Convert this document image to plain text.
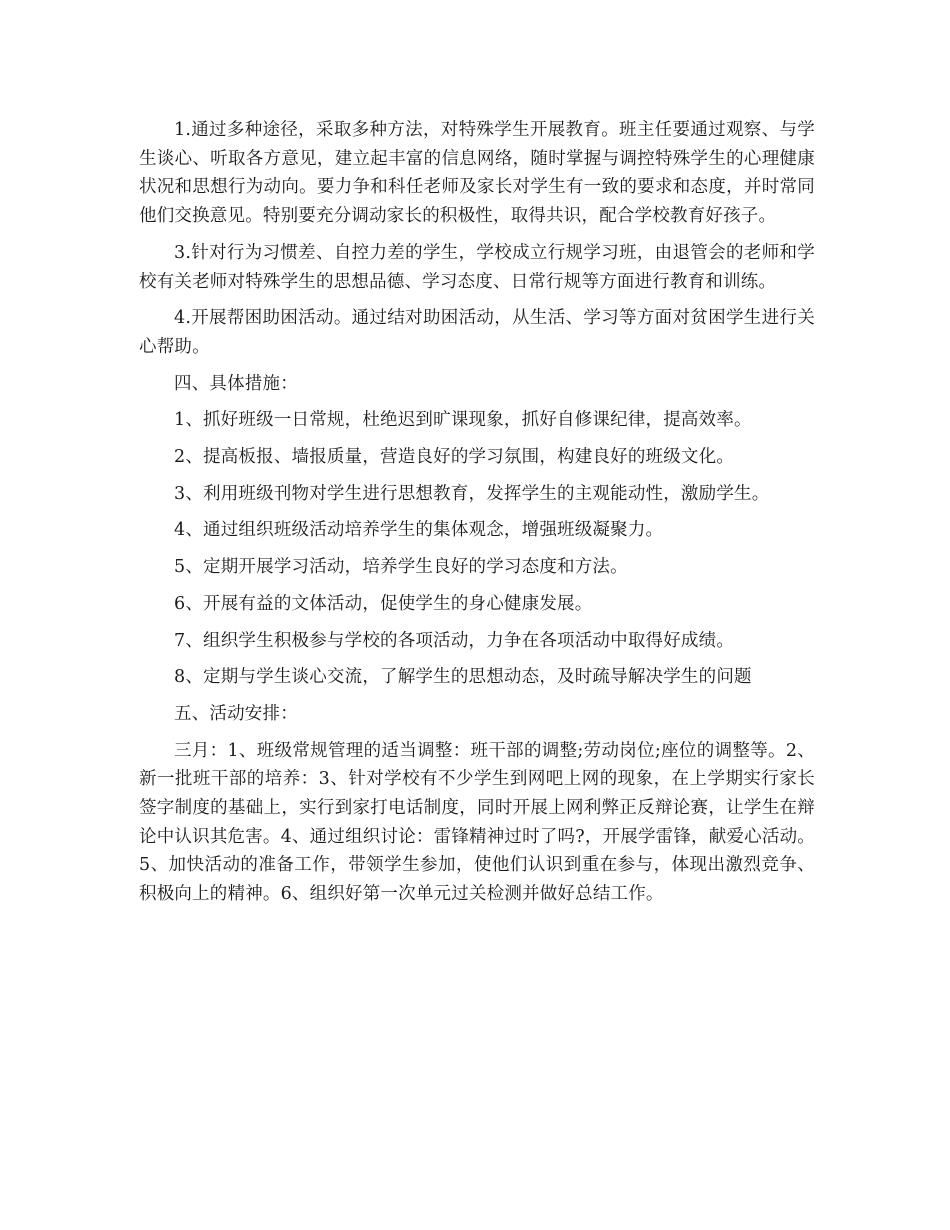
1.通过多种途径，采取多种方法，对特殊学生开展教育。班主任要通过观察、与学生谈心、听取各方意见，建立起丰富的信息网络，随时掌握与调控特殊学生的心理健康状况和思想行为动向。要力争和科任老师及家长对学生有一致的要求和态度，并时常同他们交换意见。特别要充分调动家长的积极性，取得共识，配合学校教育好孩子。

3.针对行为习惯差、自控力差的学生，学校成立行规学习班，由退管会的老师和学校有关老师对特殊学生的思想品德、学习态度、日常行规等方面进行教育和训练。

4.开展帮困助困活动。通过结对助困活动，从生活、学习等方面对贫困学生进行关心帮助。

四、具体措施：

1、抓好班级一日常规，杜绝迟到旷课现象，抓好自修课纪律，提高效率。

2、提高板报、墙报质量，营造良好的学习氛围，构建良好的班级文化。

3、利用班级刊物对学生进行思想教育，发挥学生的主观能动性，激励学生。

4、通过组织班级活动培养学生的集体观念，增强班级凝聚力。

5、定期开展学习活动，培养学生良好的学习态度和方法。

6、开展有益的文体活动，促使学生的身心健康发展。

7、组织学生积极参与学校的各项活动，力争在各项活动中取得好成绩。

8、定期与学生谈心交流，了解学生的思想动态，及时疏导解决学生的问题

五、活动安排：

三月：1、班级常规管理的适当调整：班干部的调整;劳动岗位;座位的调整等。2、新一批班干部的培养：3、针对学校有不少学生到网吧上网的现象，在上学期实行家长签字制度的基础上，实行到家打电话制度，同时开展上网利弊正反辩论赛，让学生在辩论中认识其危害。4、通过组织讨论：雷锋精神过时了吗?，开展学雷锋，献爱心活动。5、加快活动的准备工作，带领学生参加，使他们认识到重在参与，体现出激烈竞争、积极向上的精神。6、组织好第一次单元过关检测并做好总结工作。
